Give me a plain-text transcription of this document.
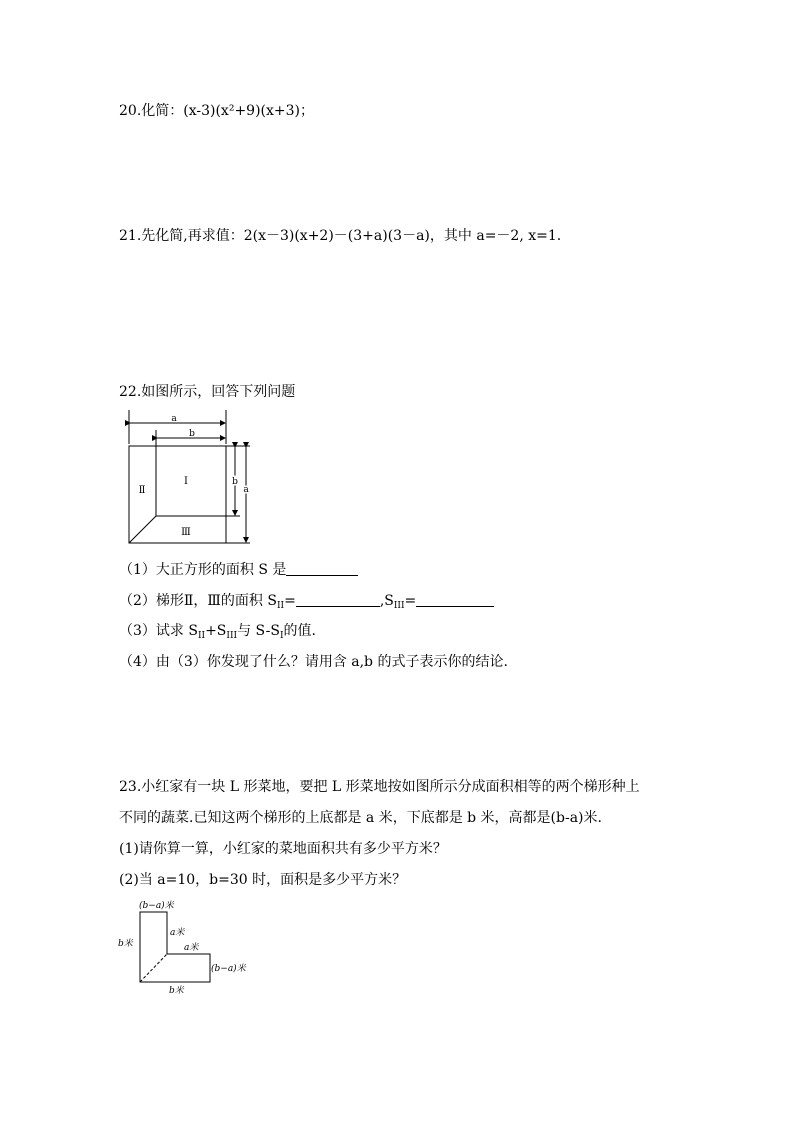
20.化简：(x-3)(x²+9)(x+3)；
21.先化简,再求值：2(x－3)(x+2)－(3+a)(3－a)，其中 a=－2, x=1.
22.如图所示，回答下列问题
a
b
b
a
Ⅰ
Ⅱ
Ⅲ
（1）大正方形的面积 S 是
（2）梯形Ⅱ，Ⅲ的面积 $S_{II}=$	$,S_{III}=$
（3）试求 $S_{II}+S_{III}$与 $S-S_I$的值.
（4）由（3）你发现了什么？请用含 a,b 的式子表示你的结论.
23.小红家有一块 L 形菜地，要把 L 形菜地按如图所示分成面积相等的两个梯形种上
不同的蔬菜.已知这两个梯形的上底都是 a 米，下底都是 b 米，高都是(b-a)米.
(1)请你算一算，小红家的菜地面积共有多少平方米？
(2)当 a=10，b=30 时，面积是多少平方米？
(b−a)米
b米
a米
a米
(b−a)米
b米
